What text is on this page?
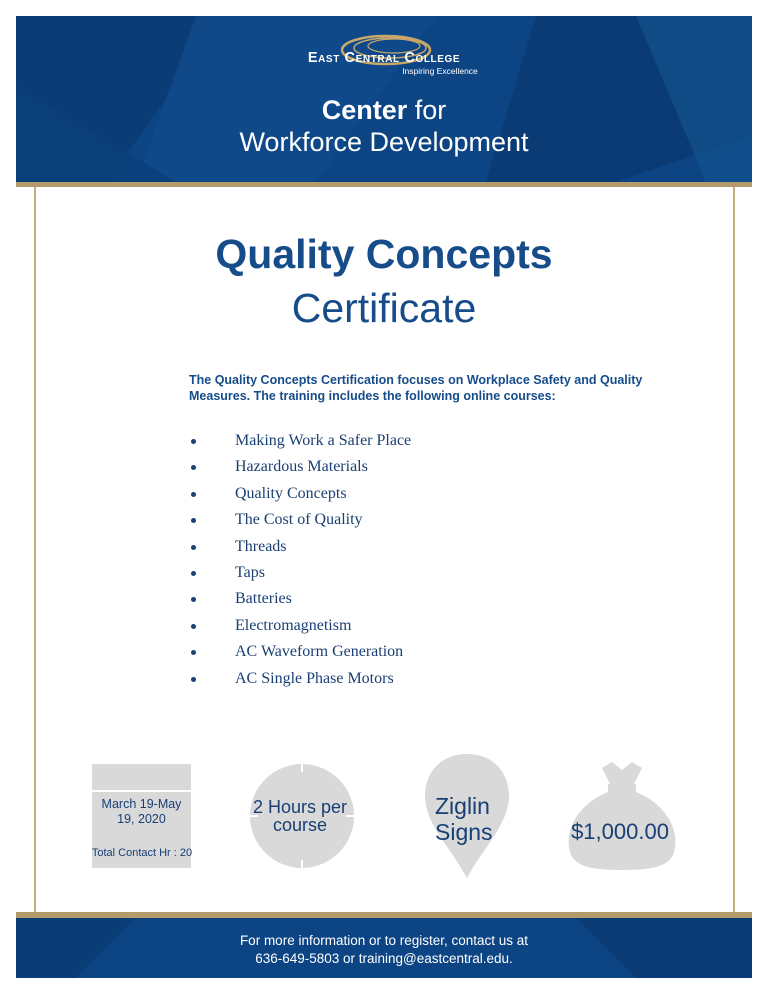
East Central College
Inspiring Excellence
Center for
Workforce Development
Quality Concepts
Certificate
The Quality Concepts Certification focuses on Workplace Safety and Quality Measures. The training includes the following online courses:
Making Work a Safer Place
Hazardous Materials
Quality Concepts
The Cost of Quality
Threads
Taps
Batteries
Electromagnetism
AC Waveform Generation
AC Single Phase Motors
March 19-May 19, 2020
Total Contact Hr : 20
2 Hours per course
Ziglin Signs	$1,000.00
For more information or to register, contact us at
636-649-5803 or training@eastcentral.edu.
